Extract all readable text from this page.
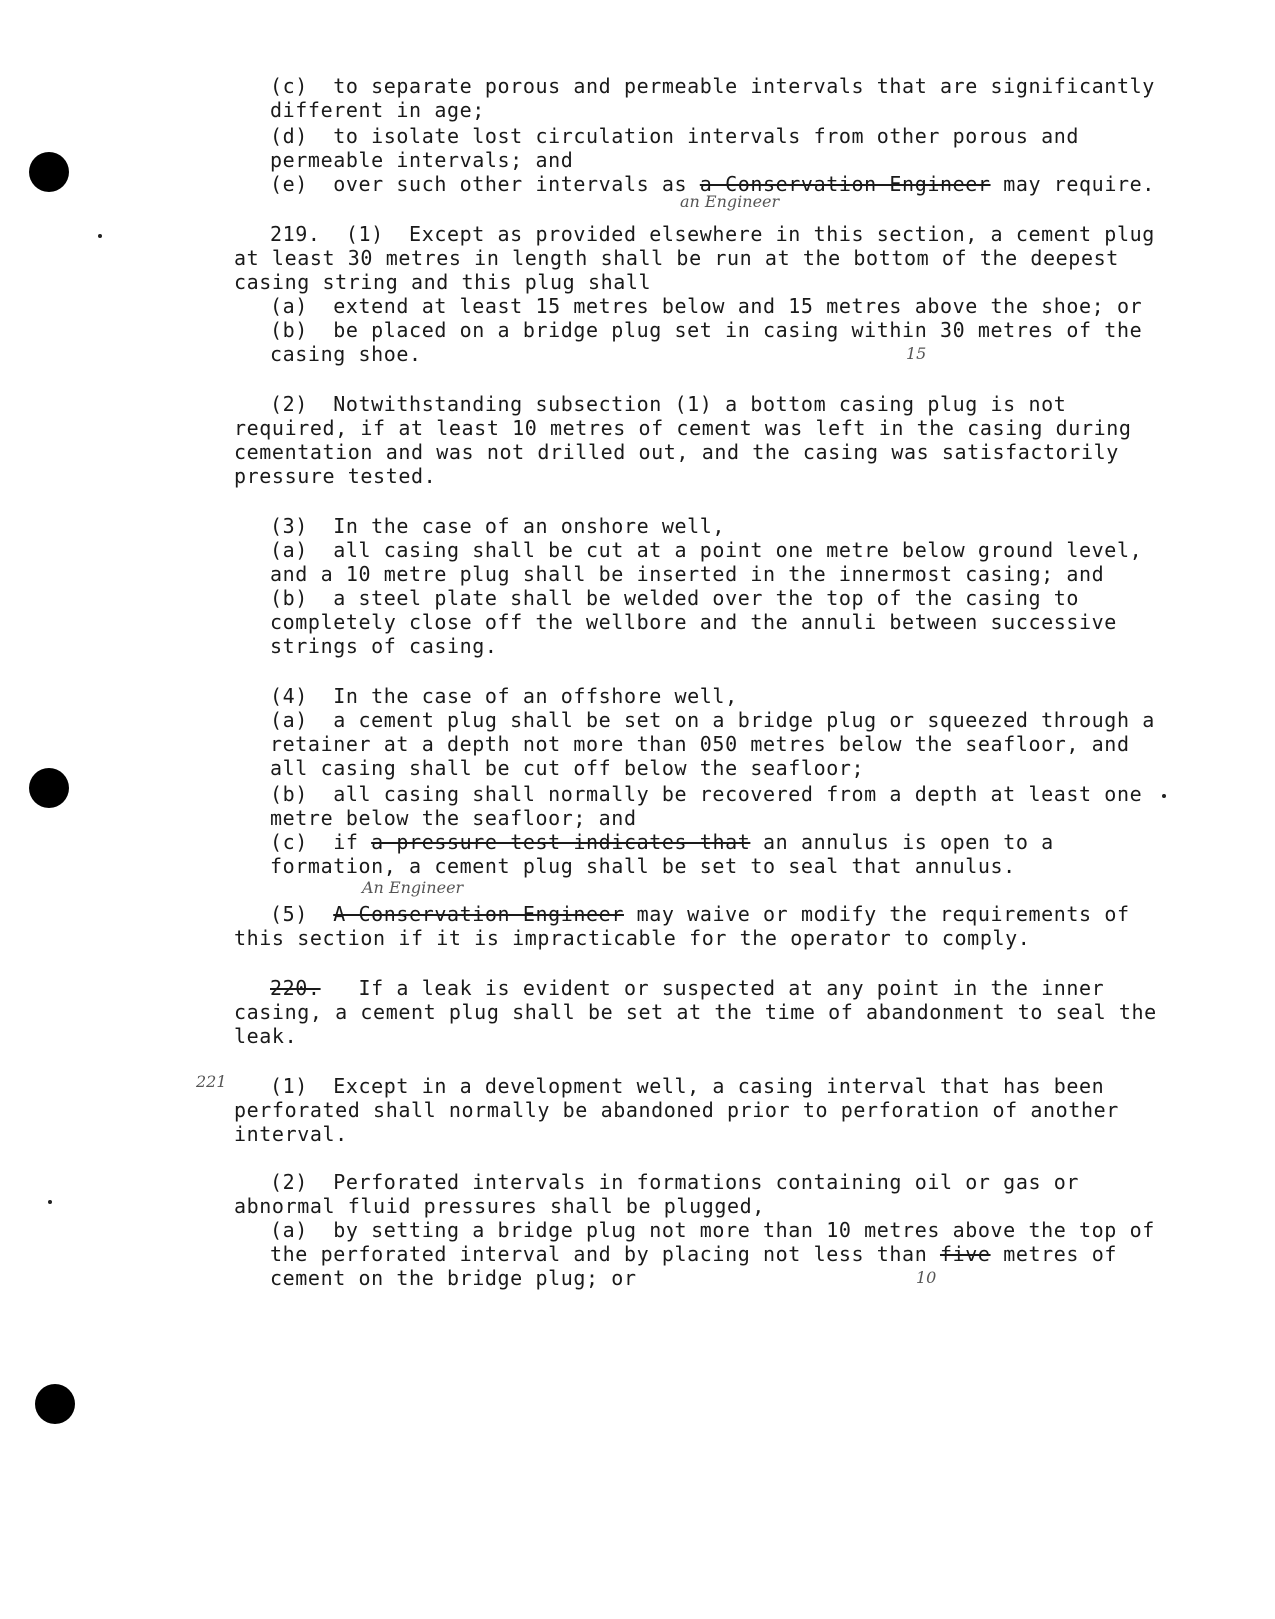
(c)  to separate porous and permeable intervals that are significantly
different in age;
(d)  to isolate lost circulation intervals from other porous and
permeable intervals; and
(e)  over such other intervals as a Conservation Engineer may require.
219.  (1)  Except as provided elsewhere in this section, a cement plug
at least 30 metres in length shall be run at the bottom of the deepest
casing string and this plug shall
(a)  extend at least 15 metres below and 15 metres above the shoe; or
(b)  be placed on a bridge plug set in casing within 30 metres of the
casing shoe.
(2)  Notwithstanding subsection (1) a bottom casing plug is not
required, if at least 10 metres of cement was left in the casing during
cementation and was not drilled out, and the casing was satisfactorily
pressure tested.
(3)  In the case of an onshore well,
(a)  all casing shall be cut at a point one metre below ground level,
and a 10 metre plug shall be inserted in the innermost casing; and
(b)  a steel plate shall be welded over the top of the casing to
completely close off the wellbore and the annuli between successive
strings of casing.
(4)  In the case of an offshore well,
(a)  a cement plug shall be set on a bridge plug or squeezed through a
retainer at a depth not more than 050 metres below the seafloor, and
all casing shall be cut off below the seafloor;
(b)  all casing shall normally be recovered from a depth at least one
metre below the seafloor; and
(c)  if a pressure test indicates that an annulus is open to a
formation, a cement plug shall be set to seal that annulus.
(5)  A Conservation Engineer may waive or modify the requirements of
this section if it is impracticable for the operator to comply.
220.   If a leak is evident or suspected at any point in the inner
casing, a cement plug shall be set at the time of abandonment to seal the
leak.
(1)  Except in a development well, a casing interval that has been
perforated shall normally be abandoned prior to perforation of another
interval.
(2)  Perforated intervals in formations containing oil or gas or
abnormal fluid pressures shall be plugged,
(a)  by setting a bridge plug not more than 10 metres above the top of
the perforated interval and by placing not less than five metres of
cement on the bridge plug; or
an Engineer
15
An Engineer
221
10
